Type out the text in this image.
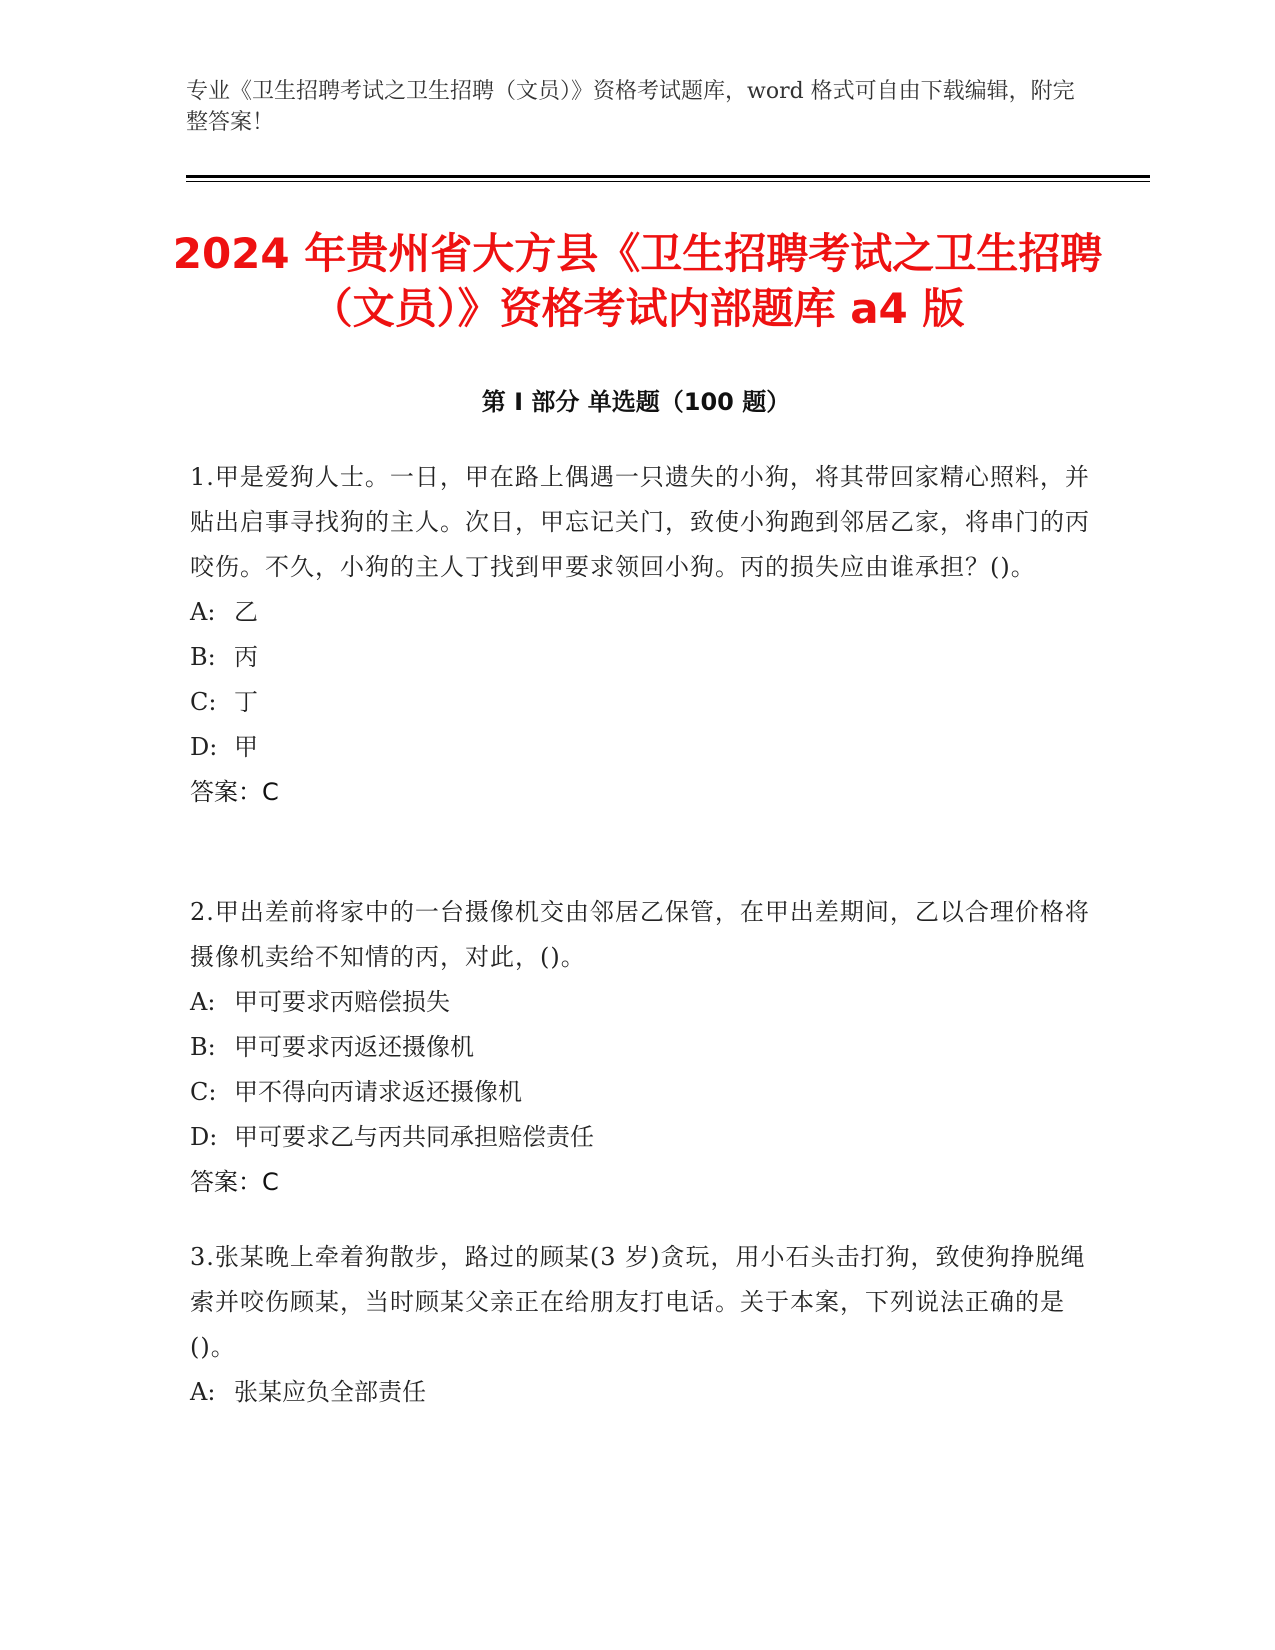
专业《卫生招聘考试之卫生招聘（文员）》资格考试题库，word 格式可自由下载编辑，附完整答案！
2024 年贵州省大方县《卫生招聘考试之卫生招聘（文员）》资格考试内部题库 a4 版
第 I 部分 单选题（100 题）

1.甲是爱狗人士。一日，甲在路上偶遇一只遗失的小狗，将其带回家精心照料，并贴出启事寻找狗的主人。次日，甲忘记关门，致使小狗跑到邻居乙家，将串门的丙咬伤。不久，小狗的主人丁找到甲要求领回小狗。丙的损失应由谁承担？()。

A: 乙
B: 丙
C: 丁
D: 甲
答案：C

2.甲出差前将家中的一台摄像机交由邻居乙保管，在甲出差期间，乙以合理价格将摄像机卖给不知情的丙，对此，()。

A: 甲可要求丙赔偿损失
B: 甲可要求丙返还摄像机
C: 甲不得向丙请求返还摄像机
D: 甲可要求乙与丙共同承担赔偿责任
答案：C

3.张某晚上牵着狗散步，路过的顾某(3 岁)贪玩，用小石头击打狗，致使狗挣脱绳索并咬伤顾某，当时顾某父亲正在给朋友打电话。关于本案，下列说法正确的是()。

A: 张某应负全部责任
